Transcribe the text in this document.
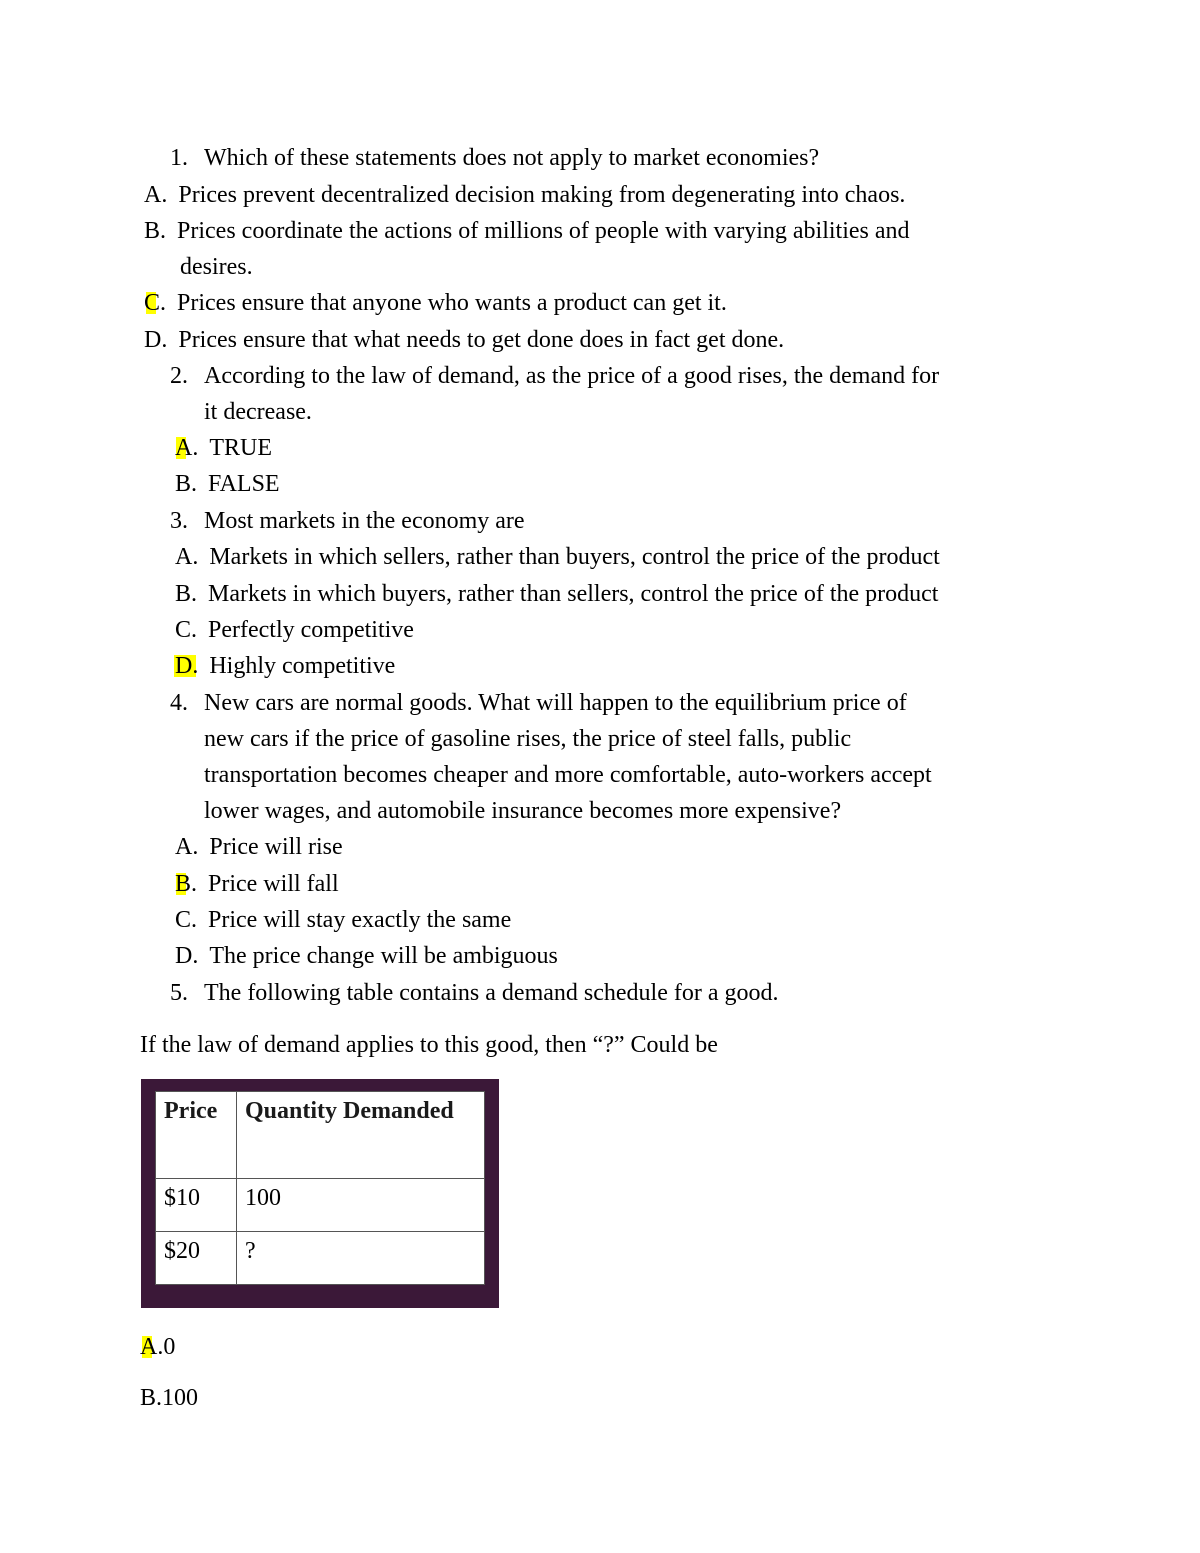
1. Which of these statements does not apply to market economies?
A. Prices prevent decentralized decision making from degenerating into chaos.
B. Prices coordinate the actions of millions of people with varying abilities and
desires.
C. Prices ensure that anyone who wants a product can get it.
D. Prices ensure that what needs to get done does in fact get done.
2. According to the law of demand, as the price of a good rises, the demand for
it decrease.
A. TRUE
B. FALSE
3. Most markets in the economy are
A. Markets in which sellers, rather than buyers, control the price of the product
B. Markets in which buyers, rather than sellers, control the price of the product
C. Perfectly competitive
D. Highly competitive
4. New cars are normal goods. What will happen to the equilibrium price of
new cars if the price of gasoline rises, the price of steel falls, public
transportation becomes cheaper and more comfortable, auto-workers accept
lower wages, and automobile insurance becomes more expensive?
A. Price will rise
B. Price will fall
C. Price will stay exactly the same
D. The price change will be ambiguous
5. The following table contains a demand schedule for a good.
If the law of demand applies to this good, then “?” Could be
Price	Quantity Demanded
$10	100
$20	?
A.0
B.100
